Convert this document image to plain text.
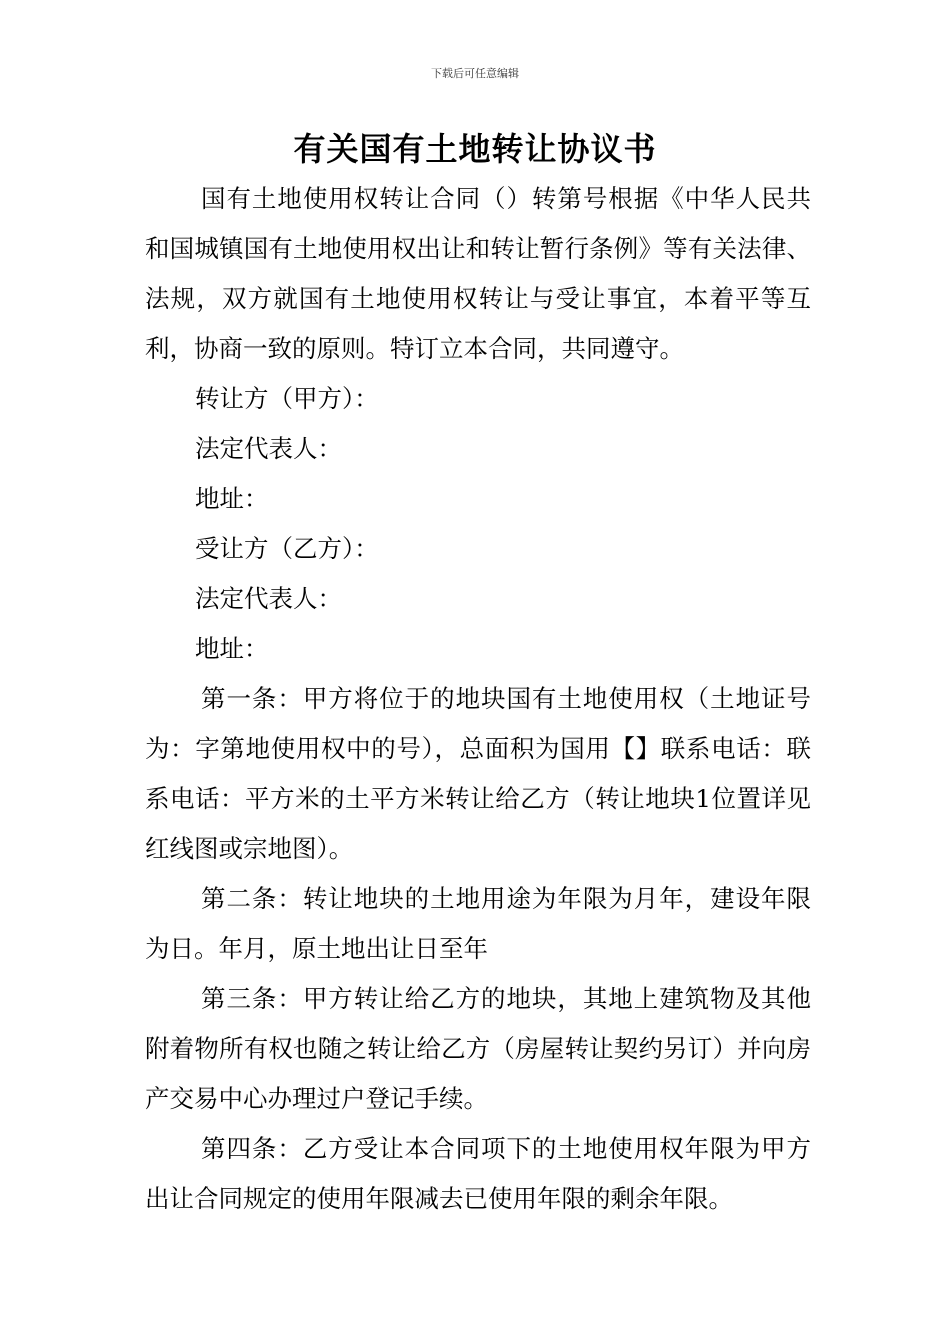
下载后可任意编辑
有关国有土地转让协议书

国有土地使用权转让合同（）转第号根据《中华人民共和国城镇国有土地使用权出让和转让暂行条例》等有关法律、法规，双方就国有土地使用权转让与受让事宜，本着平等互利，协商一致的原则。特订立本合同，共同遵守。

转让方（甲方）：

法定代表人：

地址：

受让方（乙方）：

法定代表人：

地址：

第一条：甲方将位于的地块国有土地使用权（土地证号为：字第地使用权中的号），总面积为国用【】联系电话：联系电话：平方米的土平方米转让给乙方（转让地块1位置详见红线图或宗地图）。

第二条：转让地块的土地用途为年限为月年，建设年限为日。年月，原土地出让日至年

第三条：甲方转让给乙方的地块，其地上建筑物及其他附着物所有权也随之转让给乙方（房屋转让契约另订）并向房产交易中心办理过户登记手续。

第四条：乙方受让本合同项下的土地使用权年限为甲方出让合同规定的使用年限减去已使用年限的剩余年限。
